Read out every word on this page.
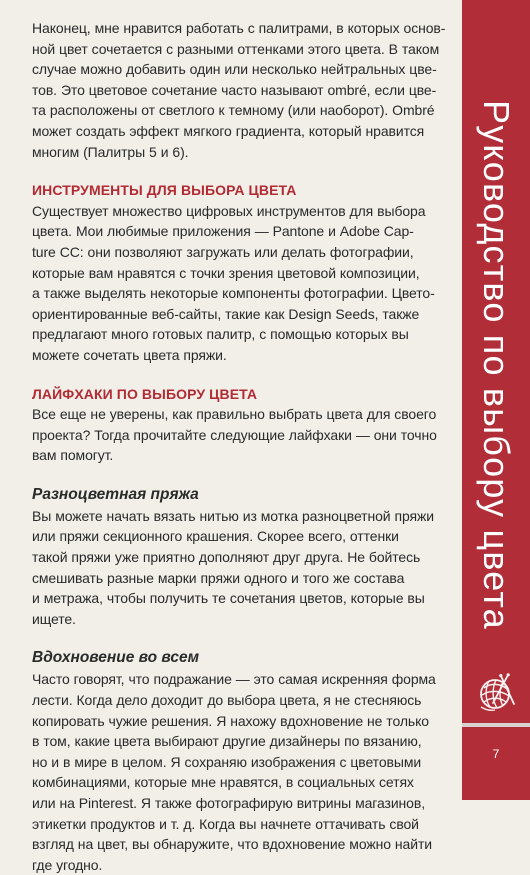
Наконец, мне нравится работать с палитрами, в которых основ-
ной цвет сочетается с разными оттенками этого цвета. В таком
случае можно добавить один или несколько нейтральных цве-
тов. Это цветовое сочетание часто называют ombré, если цве-
та расположены от светлого к темному (или наоборот). Ombré
может создать эффект мягкого градиента, который нравится
многим (Палитры 5 и 6).
ИНСТРУМЕНТЫ ДЛЯ ВЫБОРА ЦВЕТА
Существует множество цифровых инструментов для выбора
цвета. Мои любимые приложения — Pantone и Adobe Cap-
ture CC: они позволяют загружать или делать фотографии,
которые вам нравятся с точки зрения цветовой композиции,
а также выделять некоторые компоненты фотографии. Цвето-
ориентированные веб-сайты, такие как Design Seeds, также
предлагают много готовых палитр, с помощью которых вы
можете сочетать цвета пряжи.
ЛАЙФХАКИ ПО ВЫБОРУ ЦВЕТА
Все еще не уверены, как правильно выбрать цвета для своего
проекта? Тогда прочитайте следующие лайфхаки — они точно
вам помогут.
Разноцветная пряжа
Вы можете начать вязать нитью из мотка разноцветной пряжи
или пряжи секционного крашения. Скорее всего, оттенки
такой пряжи уже приятно дополняют друг друга. Не бойтесь
смешивать разные марки пряжи одного и того же состава
и метража, чтобы получить те сочетания цветов, которые вы
ищете.
Вдохновение во всем
Часто говорят, что подражание — это самая искренняя форма
лести. Когда дело доходит до выбора цвета, я не стесняюсь
копировать чужие решения. Я нахожу вдохновение не только
в том, какие цвета выбирают другие дизайнеры по вязанию,
но и в мире в целом. Я сохраняю изображения с цветовыми
комбинациями, которые мне нравятся, в социальных сетях
или на Pinterest. Я также фотографирую витрины магазинов,
этикетки продуктов и т. д. Когда вы начнете оттачивать свой
взгляд на цвет, вы обнаружите, что вдохновение можно найти
где угодно.
Руководство по выбору цвета
7
